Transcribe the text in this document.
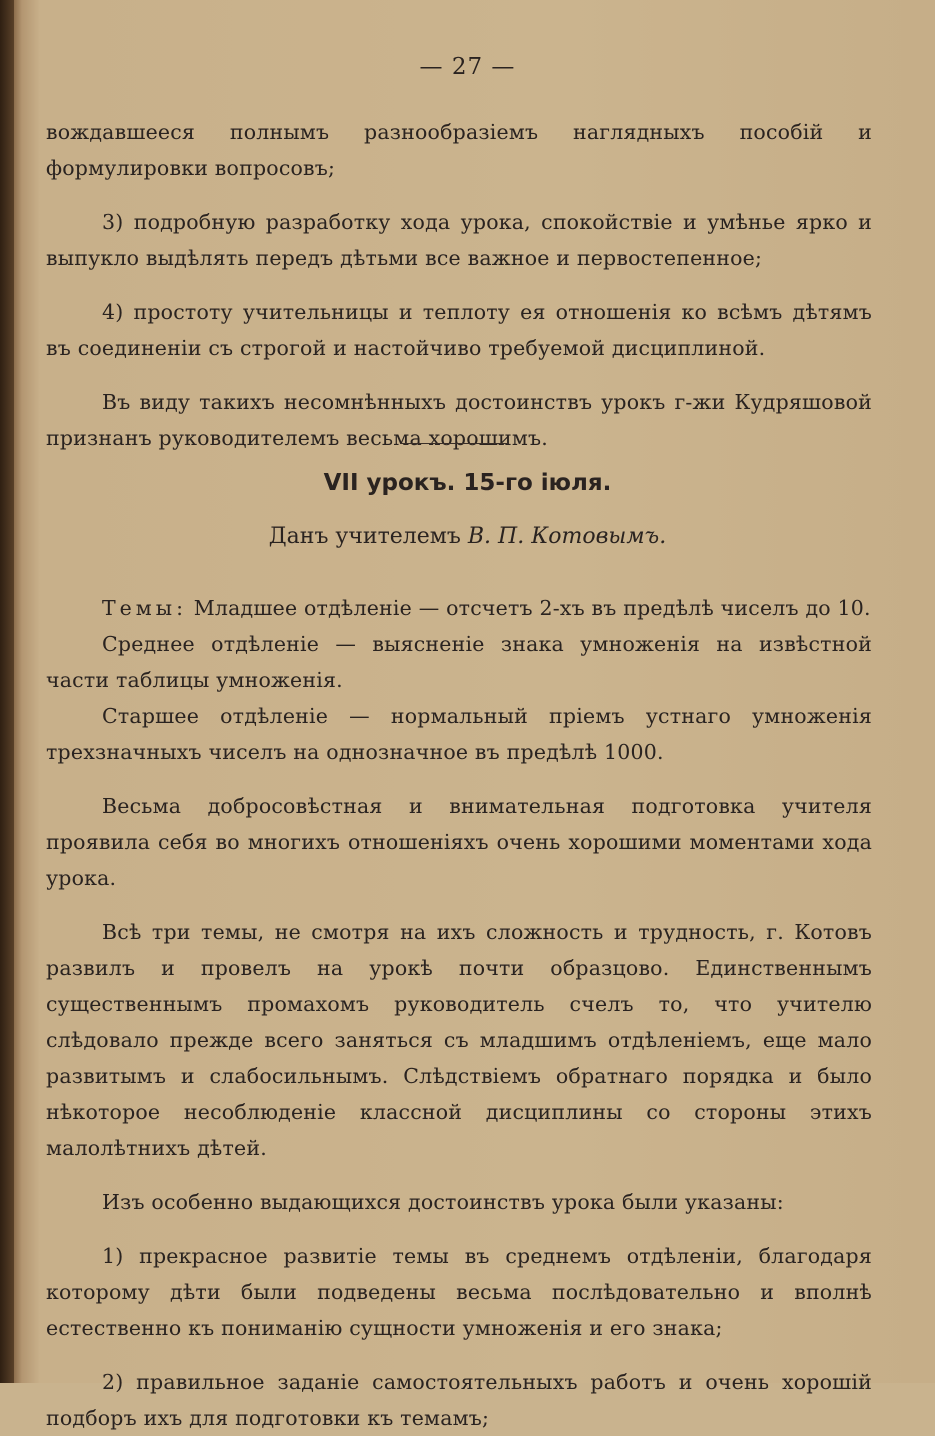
— 27 —

вождавшееся полнымъ разнообразіемъ наглядныхъ пособій и формулировки вопросовъ;

3) подробную разработку хода урока, спокойствіе и умѣнье ярко и выпукло выдѣлять передъ дѣтьми все важное и первостепенное;

4) простоту учительницы и теплоту ея отношенія ко всѣмъ дѣтямъ въ соединеніи съ строгой и настойчиво требуемой дисциплиной.

Въ виду такихъ несомнѣнныхъ достоинствъ урокъ г-жи Кудряшовой признанъ руководителемъ весьма хорошимъ.

VII урокъ. 15-го іюля.
Данъ учителемъ В. П. Котовымъ.

Темы: Младшее отдѣленіе — отсчетъ 2-хъ въ предѣлѣ чиселъ до 10.

Среднее отдѣленіе — выясненіе знака умноженія на извѣстной части таблицы умноженія.

Старшее отдѣленіе — нормальный пріемъ устнаго умноженія трехзначныхъ чиселъ на однозначное въ предѣлѣ 1000.

Весьма добросовѣстная и внимательная подготовка учителя проявила себя во многихъ отношеніяхъ очень хорошими моментами хода урока.

Всѣ три темы, не смотря на ихъ сложность и трудность, г. Котовъ развилъ и провелъ на урокѣ почти образцово. Единственнымъ существеннымъ промахомъ руководитель счелъ то, что учителю слѣдовало прежде всего заняться съ младшимъ отдѣленіемъ, еще мало развитымъ и слабосильнымъ. Слѣдствіемъ обратнаго порядка и было нѣкоторое несоблюденіе классной дисциплины со стороны этихъ малолѣтнихъ дѣтей.

Изъ особенно выдающихся достоинствъ урока были указаны:

1) прекрасное развитіе темы въ среднемъ отдѣленіи, благодаря которому дѣти были подведены весьма послѣдовательно и вполнѣ естественно къ пониманію сущности умноженія и его знака;

2) правильное заданіе самостоятельныхъ работъ и очень хорошій подборъ ихъ для подготовки къ темамъ;
